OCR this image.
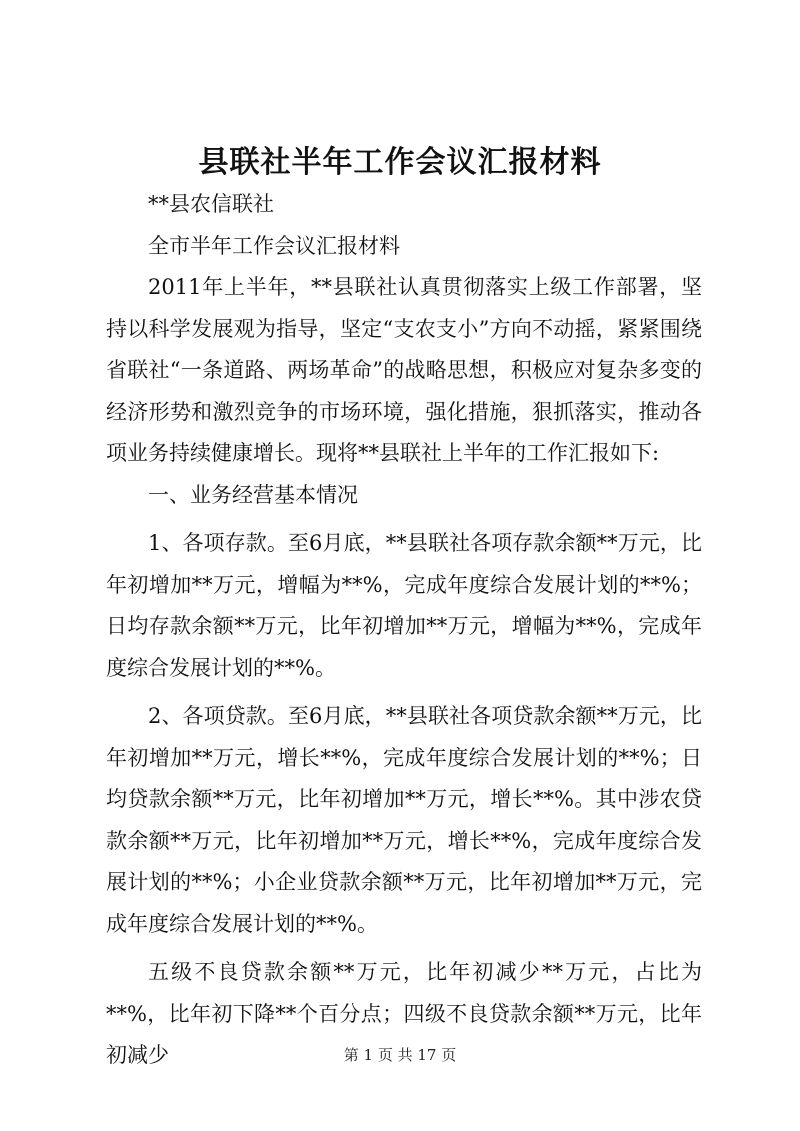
县联社半年工作会议汇报材料

**县农信联社

全市半年工作会议汇报材料

2011年上半年，**县联社认真贯彻落实上级工作部署，坚持以科学发展观为指导，坚定“支农支小”方向不动摇，紧紧围绕省联社“一条道路、两场革命”的战略思想，积极应对复杂多变的经济形势和激烈竞争的市场环境，强化措施，狠抓落实，推动各项业务持续健康增长。现将**县联社上半年的工作汇报如下:

一、业务经营基本情况

1、各项存款。至6月底，**县联社各项存款余额**万元，比年初增加**万元，增幅为**%，完成年度综合发展计划的**%；日均存款余额**万元，比年初增加**万元，增幅为**%，完成年度综合发展计划的**%。

2、各项贷款。至6月底，**县联社各项贷款余额**万元，比年初增加**万元，增长**%，完成年度综合发展计划的**%；日均贷款余额**万元，比年初增加**万元，增长**%。其中涉农贷款余额**万元，比年初增加**万元，增长**%，完成年度综合发展计划的**%；小企业贷款余额**万元，比年初增加**万元，完成年度综合发展计划的**%。

五级不良贷款余额**万元，比年初减少**万元，占比为**%，比年初下降**个百分点；四级不良贷款余额**万元，比年初减少	第 1 页 共 17 页
